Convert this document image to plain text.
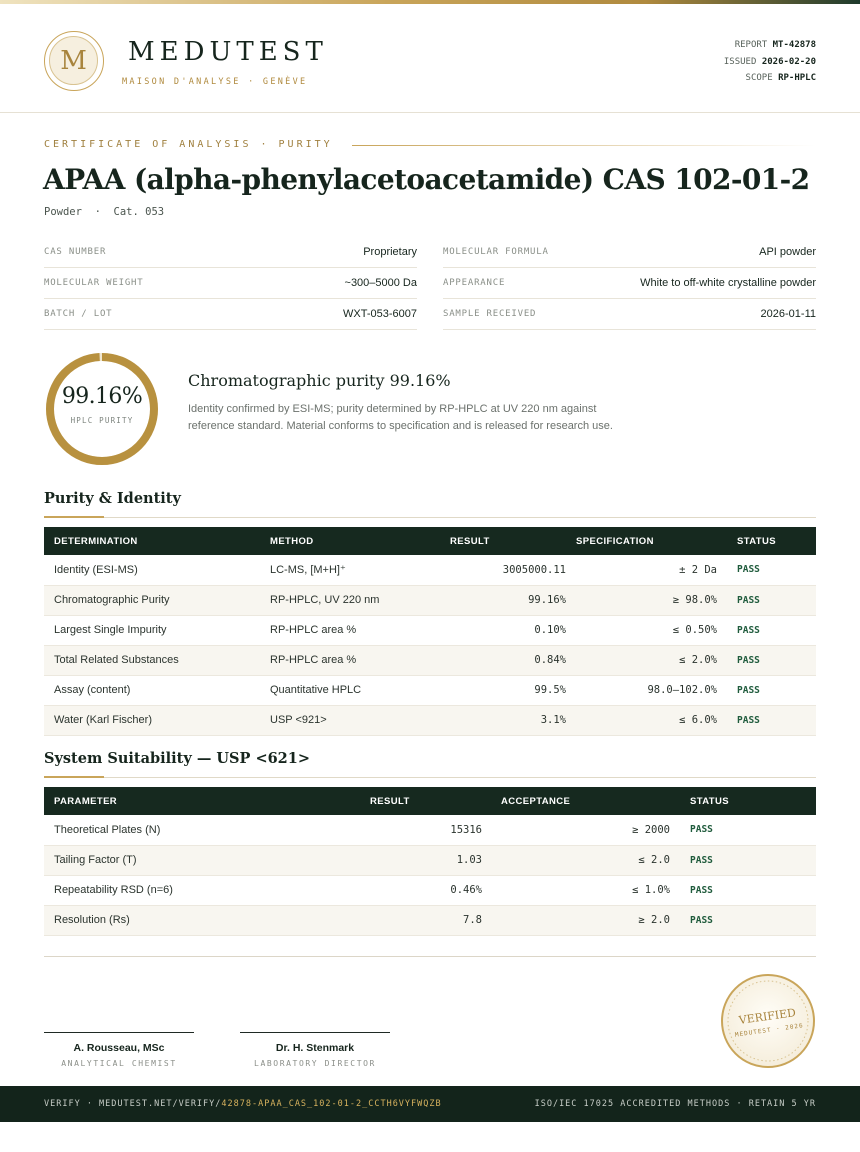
M	MEDUTEST
MAISON D'ANALYSE · GENÈVE
REPORT MT-42878
ISSUED 2026-02-20
SCOPE RP-HPLC
CERTIFICATE OF ANALYSIS · PURITY
APAA (alpha-phenylacetoacetamide) CAS 102-01-2
Powder  ·  Cat. 053
CAS NUMBER	Proprietary
MOLECULAR WEIGHT	~300–5000 Da
BATCH / LOT	WXT-053-6007
MOLECULAR FORMULA	API powder
APPEARANCE	White to off-white crystalline powder
SAMPLE RECEIVED	2026-01-11
99.16%
HPLC PURITY
Chromatographic purity 99.16%

Identity confirmed by ESI-MS; purity determined by RP-HPLC at UV 220 nm against reference standard. Material conforms to specification and is released for research use.

Purity & Identity
DETERMINATION	METHOD	RESULT	SPECIFICATION	STATUS
Identity (ESI-MS)	LC-MS, [M+H]⁺	3005000.11	± 2 Da	PASS
Chromatographic Purity	RP-HPLC, UV 220 nm	99.16%	≥ 98.0%	PASS
Largest Single Impurity	RP-HPLC area %	0.10%	≤ 0.50%	PASS
Total Related Substances	RP-HPLC area %	0.84%	≤ 2.0%	PASS
Assay (content)	Quantitative HPLC	99.5%	98.0–102.0%	PASS
Water (Karl Fischer)	USP <921>	3.1%	≤ 6.0%	PASS
System Suitability — USP <621>
PARAMETER	RESULT	ACCEPTANCE	STATUS
Theoretical Plates (N)	15316	≥ 2000	PASS
Tailing Factor (T)	1.03	≤ 2.0	PASS
Repeatability RSD (n=6)	0.46%	≤ 1.0%	PASS
Resolution (Rs)	7.8	≥ 2.0	PASS
A. Rousseau, MSc
ANALYTICAL CHEMIST
Dr. H. Stenmark
LABORATORY DIRECTOR
VERIFIED
MEDUTEST · 2026
VERIFY · MEDUTEST.NET/VERIFY/42878-APAA_CAS_102-01-2_CCTH6VYFWQZB	ISO/IEC 17025 ACCREDITED METHODS · RETAIN 5 YR
